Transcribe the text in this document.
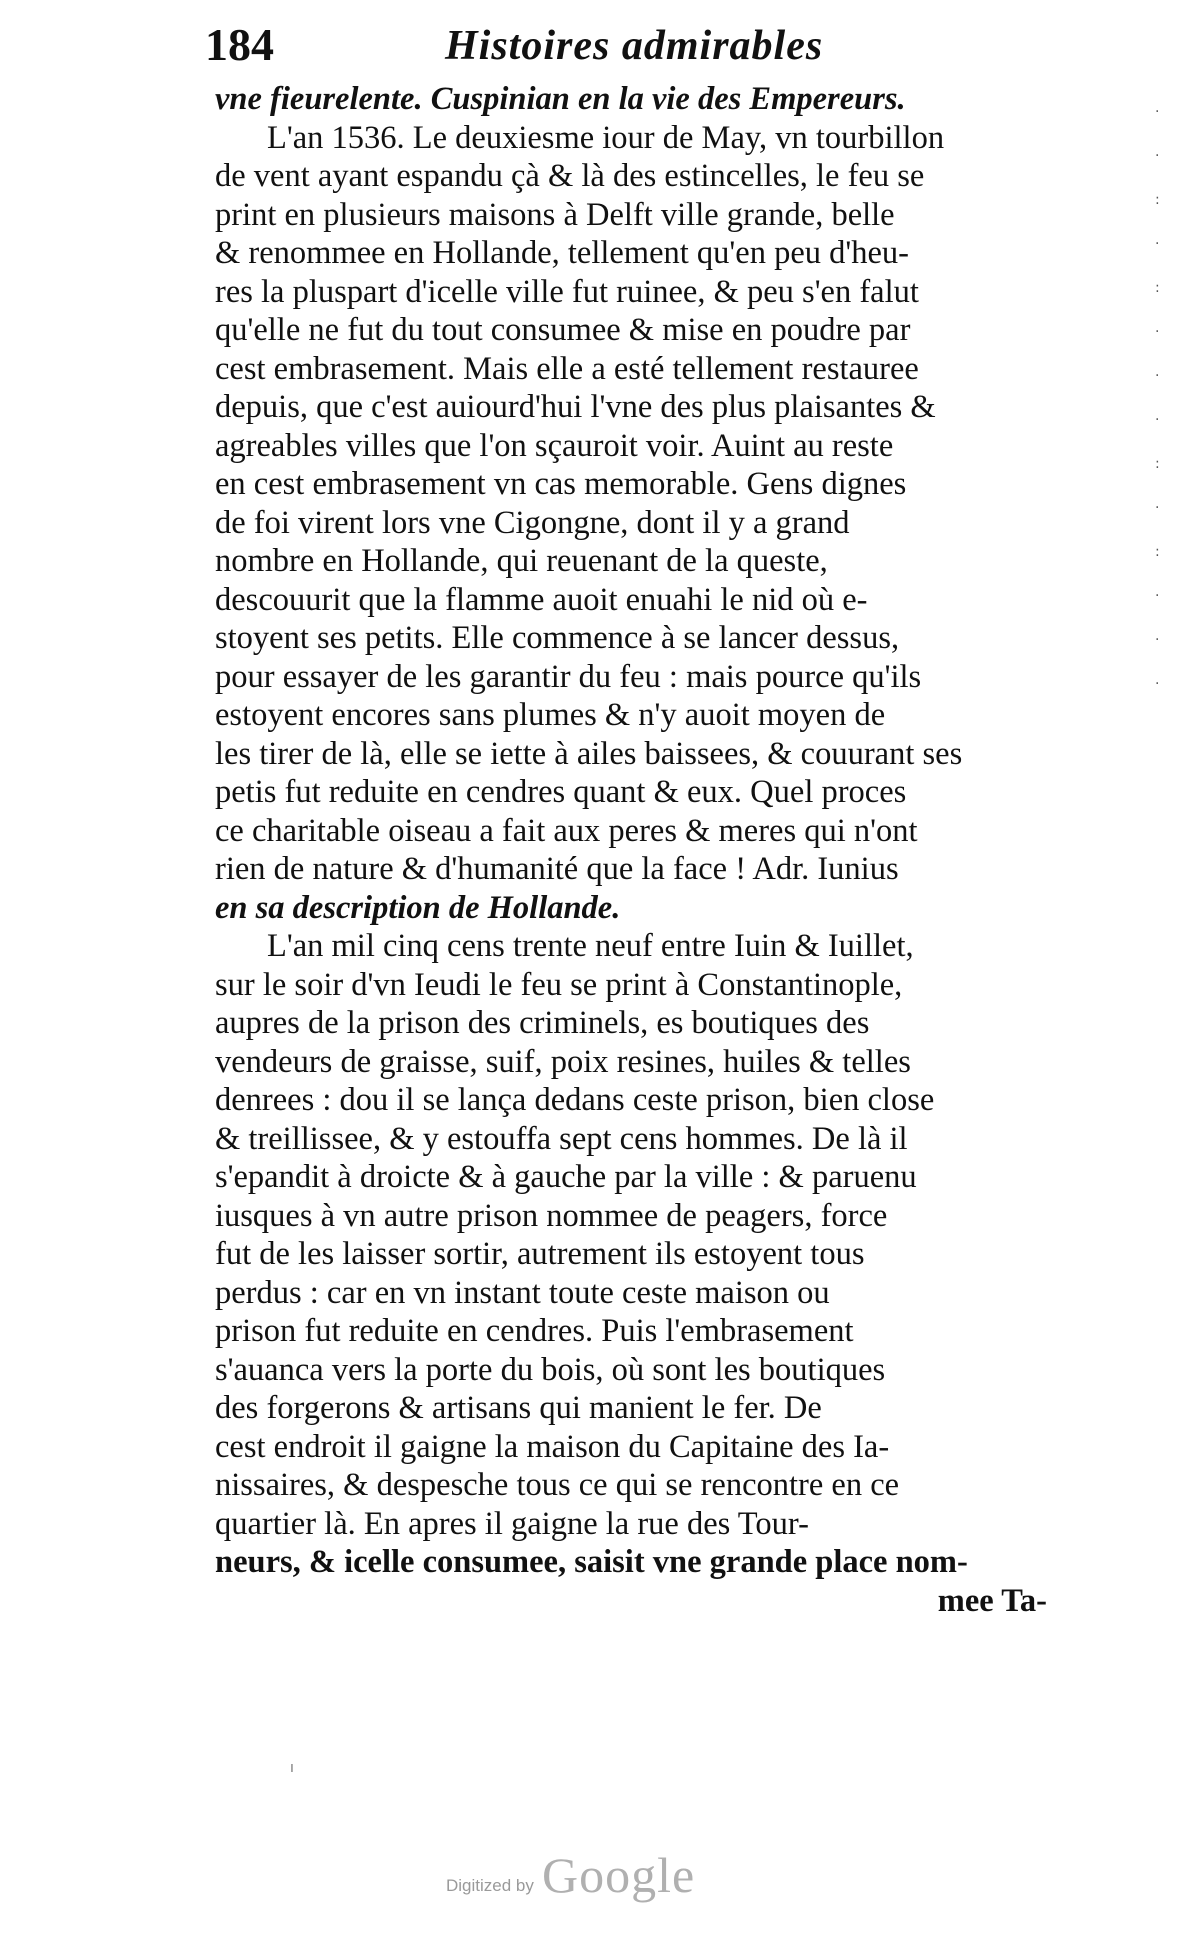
184	Histoires admirables
vne fieurelente. Cuspinian en la vie des Empereurs.
L'an 1536. Le deuxiesme iour de May, vn tourbillon
de vent ayant espandu çà & là des estincelles, le feu se
print en plusieurs maisons à Delft ville grande, belle
& renommee en Hollande, tellement qu'en peu d'heu-
res la pluspart d'icelle ville fut ruinee, & peu s'en falut
qu'elle ne fut du tout consumee & mise en poudre par
cest embrasement. Mais elle a esté tellement restauree
depuis, que c'est auiourd'hui l'vne des plus plaisantes &
agreables villes que l'on sçauroit voir. Auint au reste
en cest embrasement vn cas memorable. Gens dignes
de foi virent lors vne Cigongne, dont il y a grand
nombre en Hollande, qui reuenant de la queste,
descouurit que la flamme auoit enuahi le nid où e-
stoyent ses petits. Elle commence à se lancer dessus,
pour essayer de les garantir du feu : mais pource qu'ils
estoyent encores sans plumes & n'y auoit moyen de
les tirer de là, elle se iette à ailes baissees, & couurant ses
petis fut reduite en cendres quant & eux. Quel proces
ce charitable oiseau a fait aux peres & meres qui n'ont
rien de nature & d'humanité que la face ! Adr. Iunius
en sa description de Hollande.
L'an mil cinq cens trente neuf entre Iuin & Iuillet,
sur le soir d'vn Ieudi le feu se print à Constantinople,
aupres de la prison des criminels, es boutiques des
vendeurs de graisse, suif, poix resines, huiles & telles
denrees : dou il se lança dedans ceste prison, bien close
& treillissee, & y estouffa sept cens hommes. De là il
s'epandit à droicte & à gauche par la ville : & paruenu
iusques à vn autre prison nommee de peagers, force
fut de les laisser sortir, autrement ils estoyent tous
perdus : car en vn instant toute ceste maison ou
prison fut reduite en cendres. Puis l'embrasement
s'auanca vers la porte du bois, où sont les boutiques
des forgerons & artisans qui manient le fer. De
cest endroit il gaigne la maison du Capitaine des Ia-
nissaires, & despesche tous ce qui se rencontre en ce
quartier là. En apres il gaigne la rue des Tour-
neurs, & icelle consumee, saisit vne grande place nom-
mee Ta-
·
·
:
·
:
·
·
·
:
·
:
·
·
·
ı
Digitized by Google
